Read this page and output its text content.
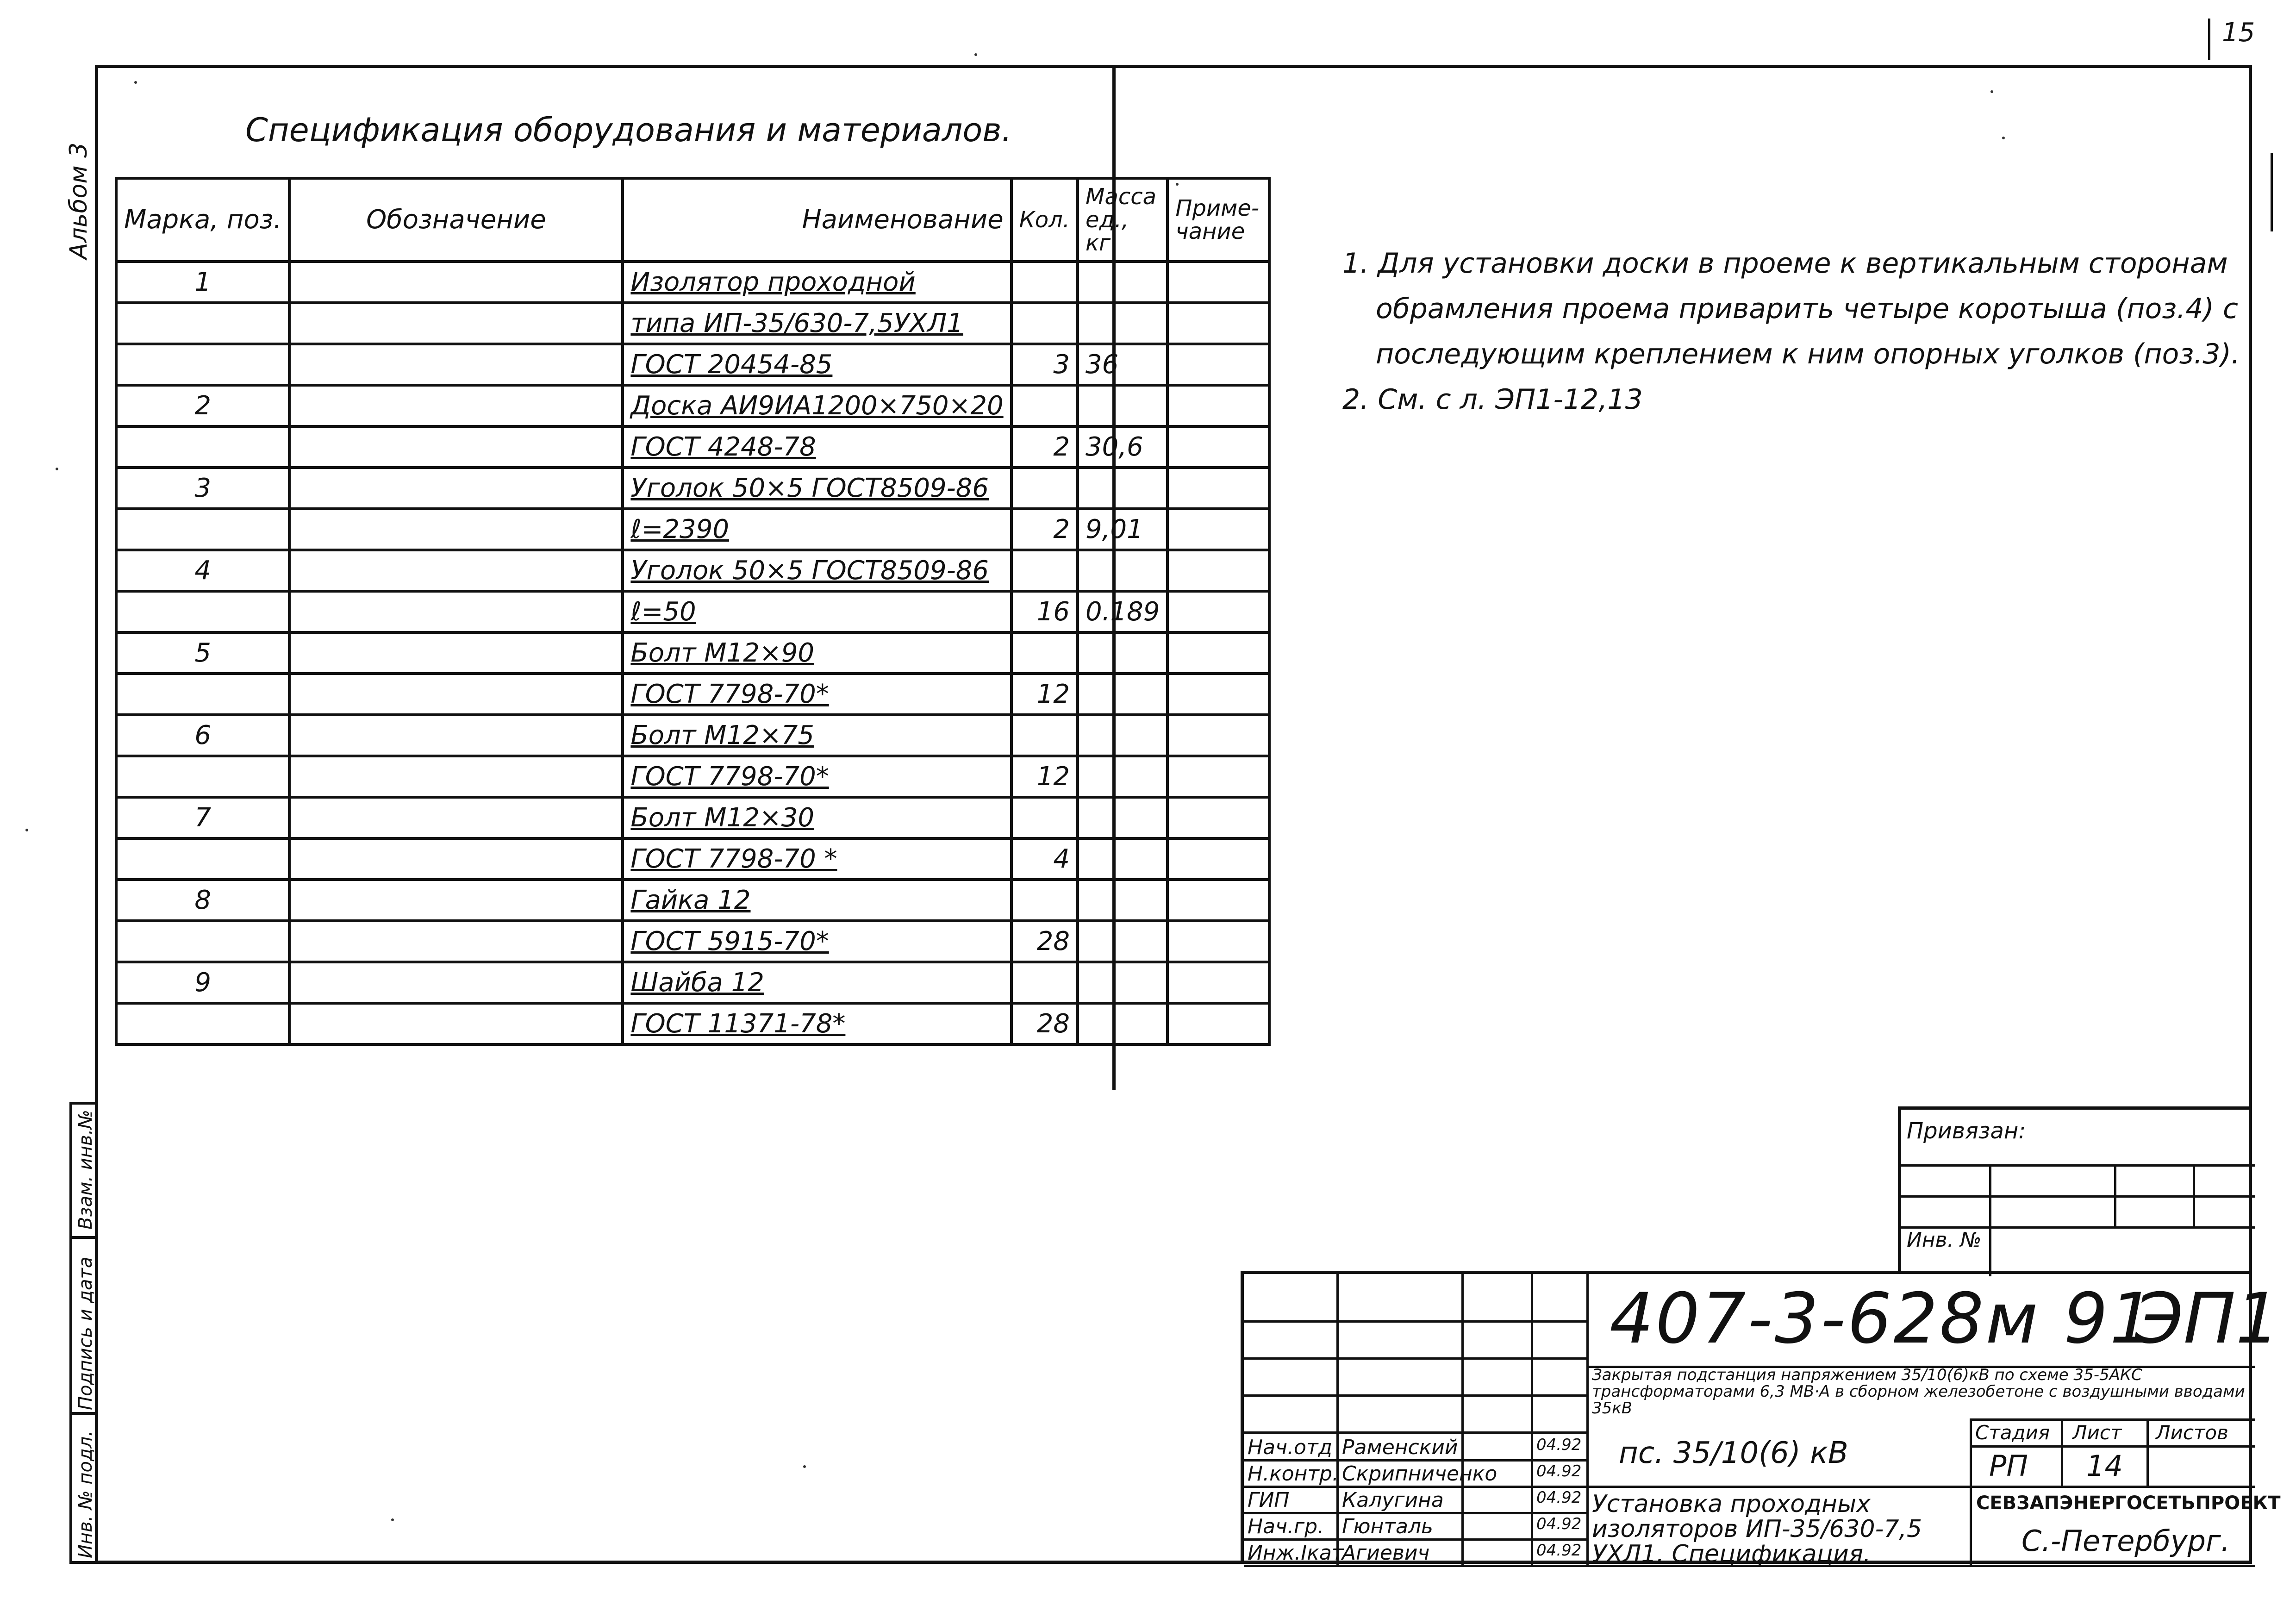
15
Альбом 3
Взам. инв.№
Подпись и дата
Инв. № подл.
Спецификация оборудования и материалов.
Марка, поз.	Обозначение	Наименование	Кол.	Масса ед., кг	Приме-чание
1		Изолятор проходной			
		типа ИП-35/630-7,5УХЛ1			
		ГОСТ 20454-85	3	36	
2		Доска АИ9ИА1200×750×20			
		ГОСТ 4248-78	2	30,6	
3		Уголок 50×5 ГОСТ8509-86			
		ℓ=2390	2	9,01	
4		Уголок 50×5 ГОСТ8509-86			
		ℓ=50	16	0.189	
5		Болт М12×90			
		ГОСТ 7798-70*	12		
6		Болт М12×75			
		ГОСТ 7798-70*	12		
7		Болт М12×30			
		ГОСТ 7798-70 *	4		
8		Гайка 12			
		ГОСТ 5915-70*	28		
9		Шайба 12			
		ГОСТ 11371-78*	28		
1. Для установки доски в проеме к вертикальным сторонам
обрамления проема приварить четыре коротыша (поз.4) с
последующим креплением к ним опорных уголков (поз.3).
2. См. с л. ЭП1-12,13
Привязан:
Инв. №
407-3-628м 91
ЭП1
Закрытая подстанция напряжением 35/10(6)кВ по схеме 35-5АКС трансформаторами 6,3 МВ·А в сборном железобетоне с воздушными вводами 35кВ
пс. 35/10(6) кВ
Установка проходных изоляторов ИП-35/630-7,5 УХЛ1. Спецификация.
Стадия Лист Листов
РП 14
СЕВЗАПЭНЕРГОСЕТЬПРОЕКТ
С.-Петербург.
Нач.отд Раменский	04.92
Н.контр. Скрипниченко 04.92
ГИП	Калугина	04.92
Нач.гр. Гюнталь	04.92
Инж.Iкат
Агиевич	04.92
